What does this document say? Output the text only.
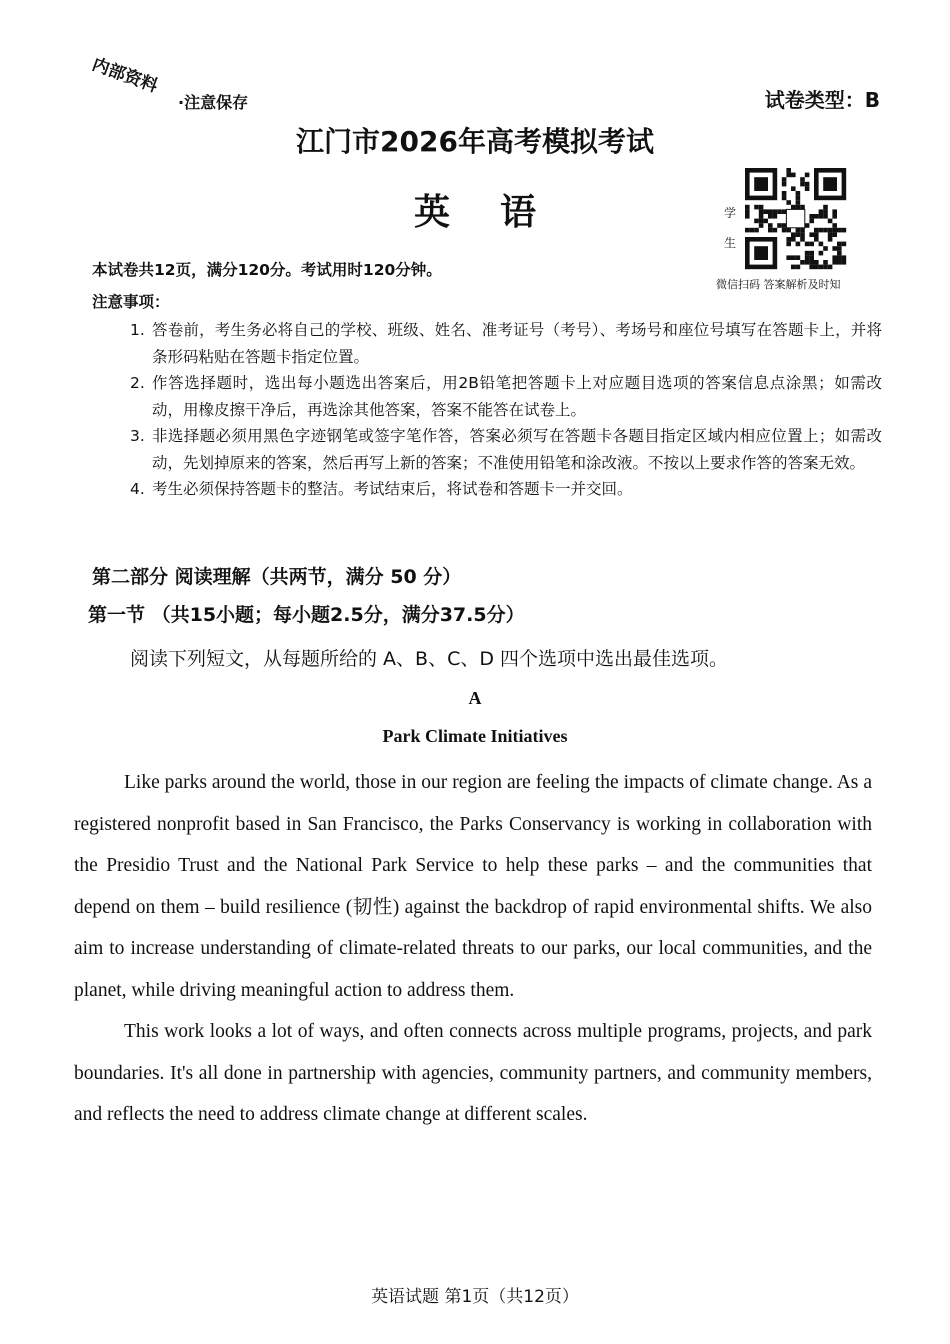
内部资料
·注意保存	试卷类型：B
江门市2026年高考模拟考试
英语	学
生
微信扫码 答案解析及时知
本试卷共12页，满分120分。考试用时120分钟。
注意事项：
1. 答卷前，考生务必将自己的学校、班级、姓名、准考证号（考号）、考场号和座位号填写在答题卡上，并将条形码粘贴在答题卡指定位置。
2. 作答选择题时，选出每小题选出答案后，用2B铅笔把答题卡上对应题目选项的答案信息点涂黑；如需改动，用橡皮擦干净后，再选涂其他答案，答案不能答在试卷上。
3. 非选择题必须用黑色字迹钢笔或签字笔作答，答案必须写在答题卡各题目指定区域内相应位置上；如需改动，先划掉原来的答案，然后再写上新的答案；不准使用铅笔和涂改液。不按以上要求作答的答案无效。
4. 考生必须保持答题卡的整洁。考试结束后，将试卷和答题卡一并交回。
第二部分 阅读理解（共两节，满分 50 分）
第一节 （共15小题；每小题2.5分，满分37.5分）
阅读下列短文，从每题所给的 A、B、C、D 四个选项中选出最佳选项。
A
Park Climate Initiatives

Like parks around the world, those in our region are feeling the impacts of climate change. As a registered nonprofit based in San Francisco, the Parks Conservancy is working in collaboration with the Presidio Trust and the National Park Service to help these parks – and the communities that depend on them – build resilience (韧性) against the backdrop of rapid environmental shifts. We also aim to increase understanding of climate-related threats to our parks, our local communities, and the planet, while driving meaningful action to address them.

This work looks a lot of ways, and often connects across multiple programs, projects, and park boundaries. It's all done in partnership with agencies, community partners, and community members, and reflects the need to address climate change at different scales.

英语试题 第1页（共12页）
